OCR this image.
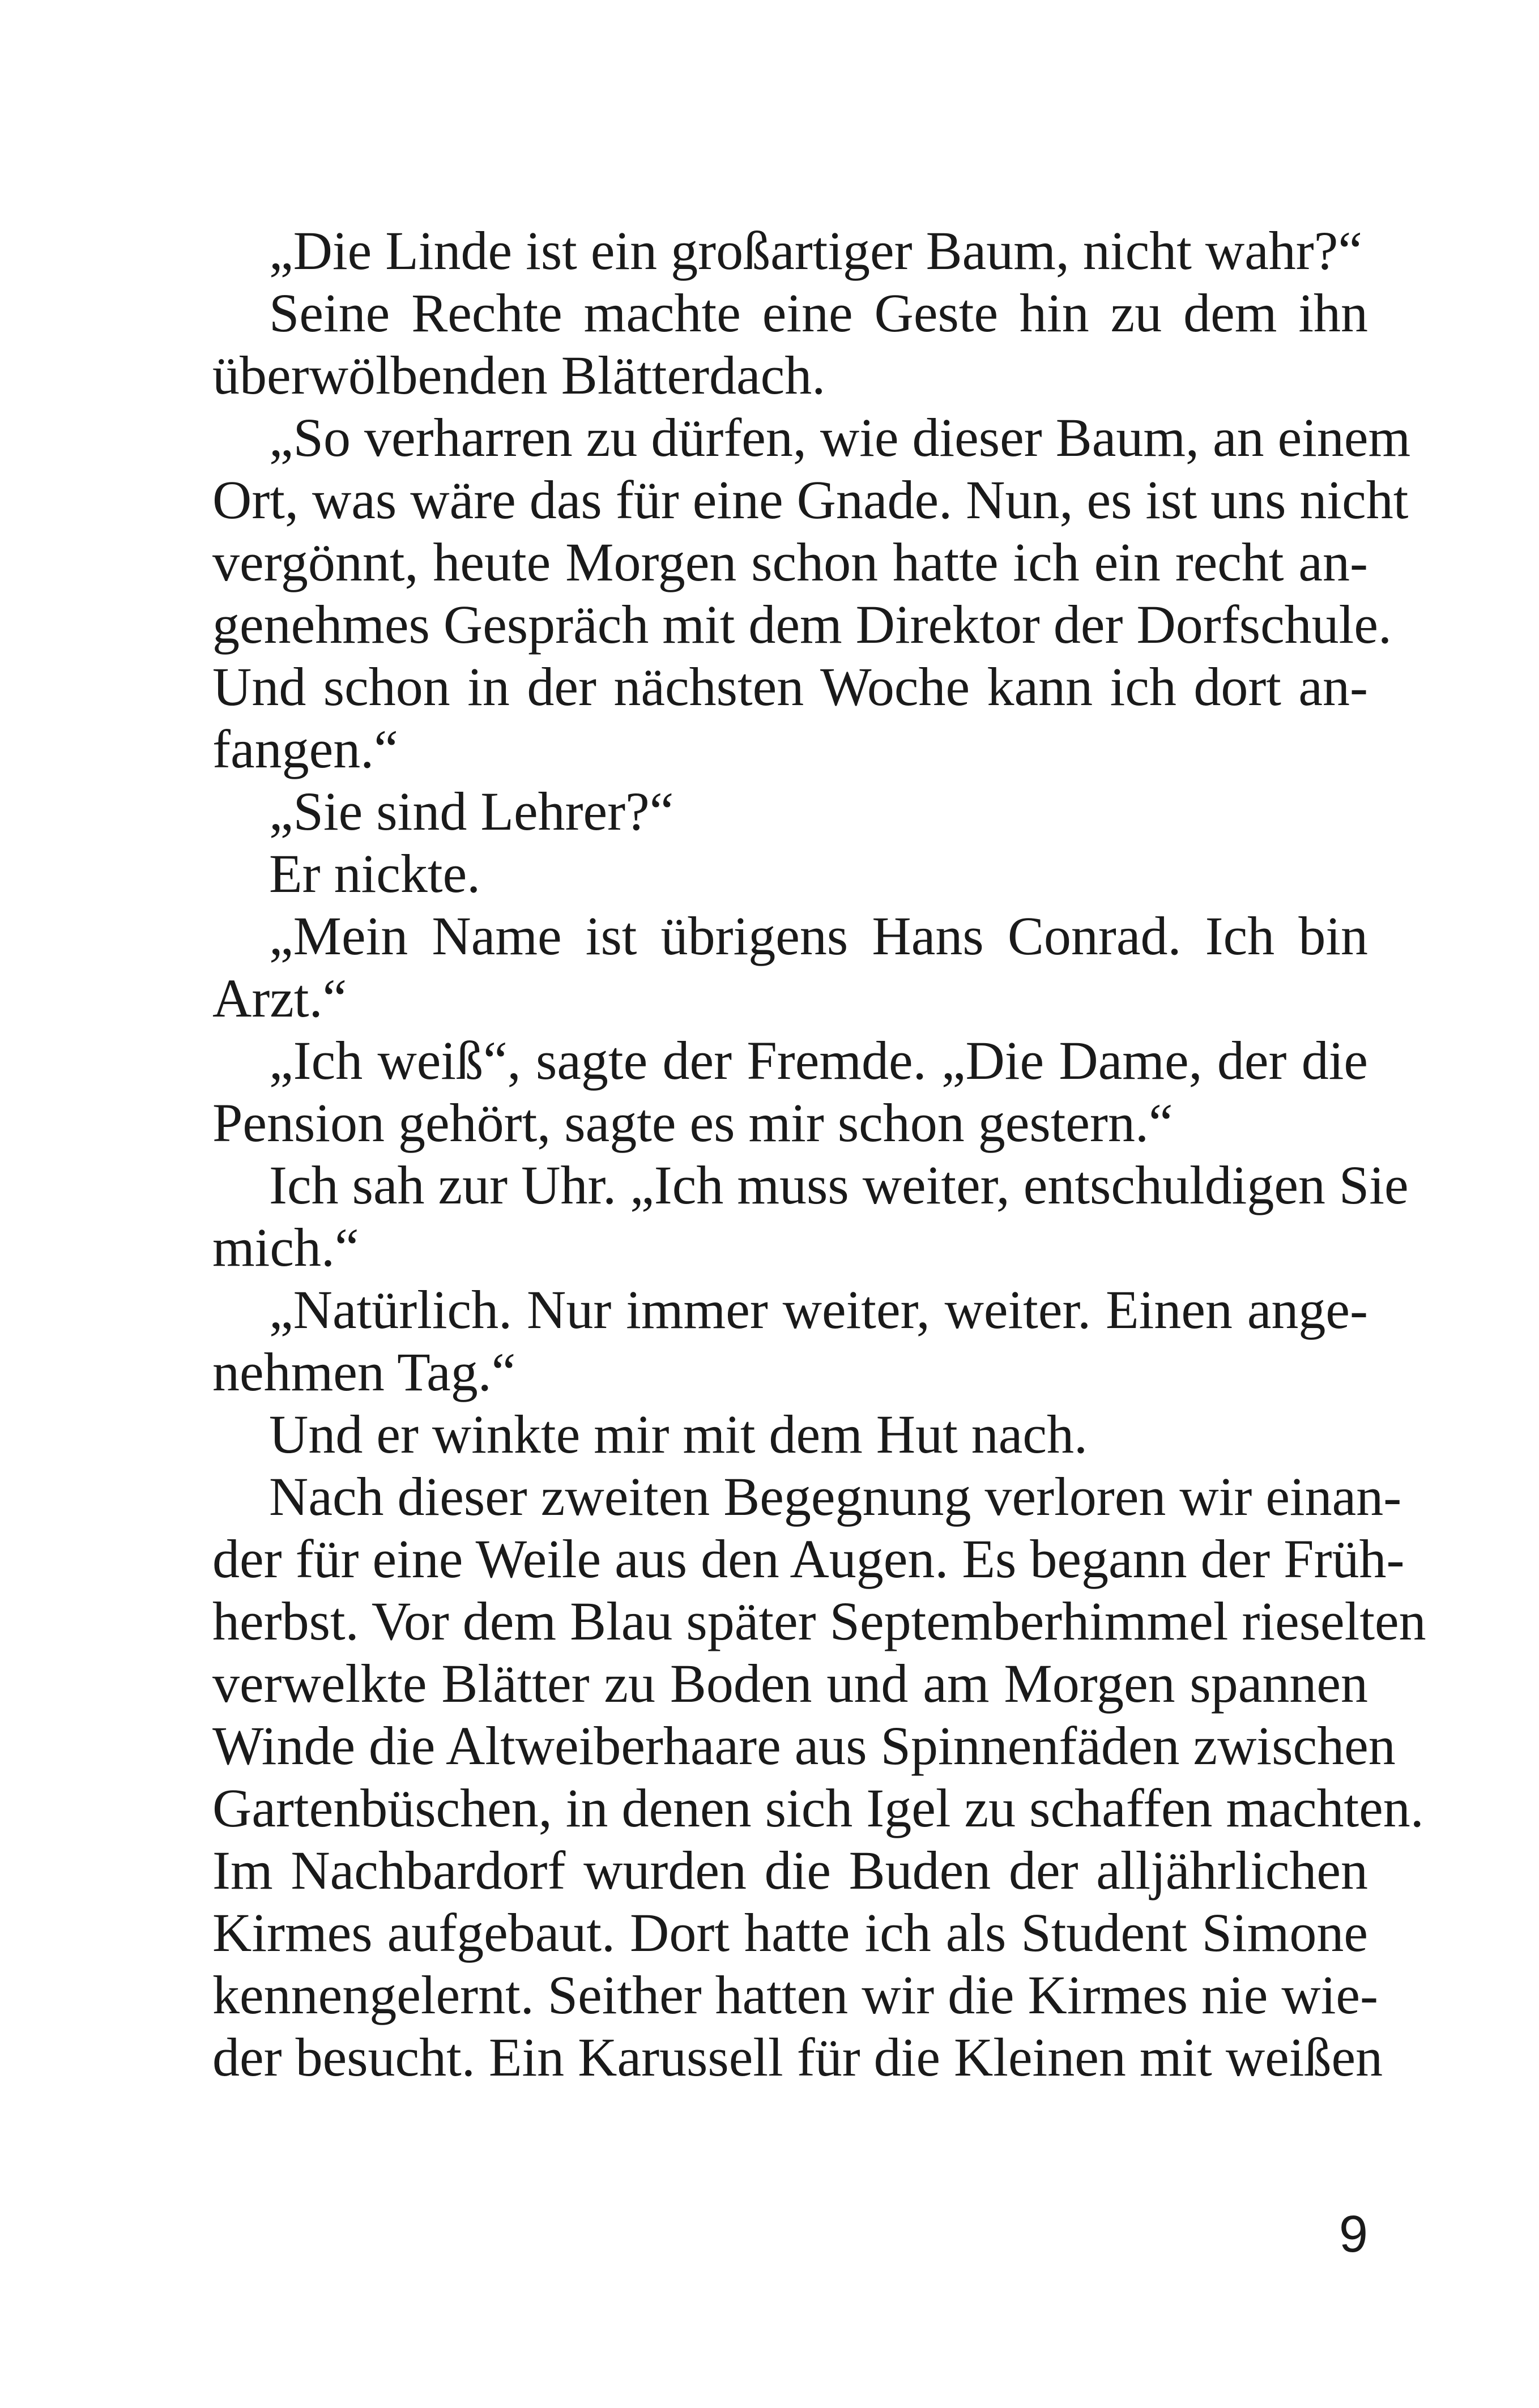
„Die Linde ist ein großartiger Baum, nicht wahr?“
Seine Rechte machte eine Geste hin zu dem ihn
überwölbenden Blätterdach.
„So verharren zu dürfen, wie dieser Baum, an einem
Ort, was wäre das für eine Gnade. Nun, es ist uns nicht
vergönnt, heute Morgen schon hatte ich ein recht an-
genehmes Gespräch mit dem Direktor der Dorfschule.
Und schon in der nächsten Woche kann ich dort an-
fangen.“
„Sie sind Lehrer?“
Er nickte.
„Mein Name ist übrigens Hans Conrad. Ich bin
Arzt.“
„Ich weiß“, sagte der Fremde. „Die Dame, der die
Pension gehört, sagte es mir schon gestern.“
Ich sah zur Uhr. „Ich muss weiter, entschuldigen Sie
mich.“
„Natürlich. Nur immer weiter, weiter. Einen ange-
nehmen Tag.“
Und er winkte mir mit dem Hut nach.
Nach dieser zweiten Begegnung verloren wir einan-
der für eine Weile aus den Augen. Es begann der Früh-
herbst. Vor dem Blau später Septemberhimmel rieselten
verwelkte Blätter zu Boden und am Morgen spannen
Winde die Altweiberhaare aus Spinnenfäden zwischen
Gartenbüschen, in denen sich Igel zu schaffen machten.
Im Nachbardorf wurden die Buden der alljährlichen
Kirmes aufgebaut. Dort hatte ich als Student Simone
kennengelernt. Seither hatten wir die Kirmes nie wie-
der besucht. Ein Karussell für die Kleinen mit weißen
9
